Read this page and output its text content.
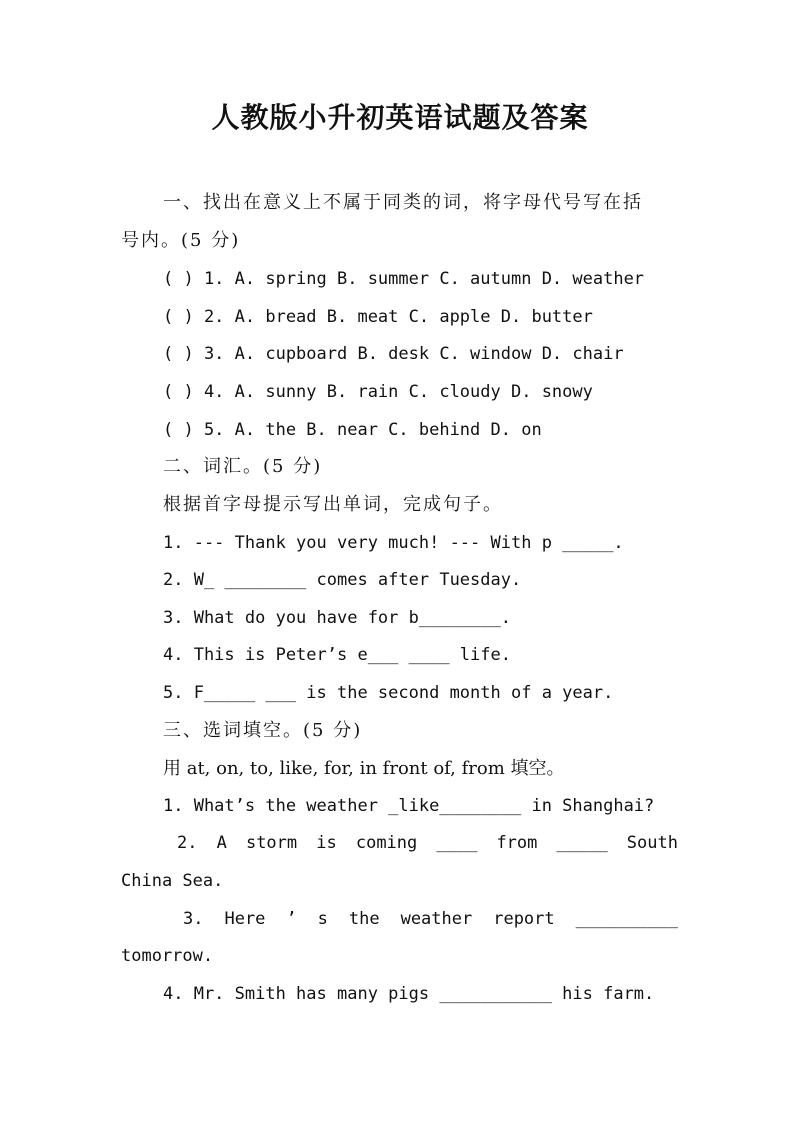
人教版小升初英语试题及答案
一、找出在意义上不属于同类的词，将字母代号写在括
号内。(5 分)
( ) 1. A. spring B. summer C. autumn D. weather
( ) 2. A. bread B. meat C. apple D. butter
( ) 3. A. cupboard B. desk C. window D. chair
( ) 4. A. sunny B. rain C. cloudy D. snowy
( ) 5. A. the B. near C. behind D. on
二、词汇。(5 分)
根据首字母提示写出单词，完成句子。
1. --- Thank you very much! --- With p _____.
2. W_ ________ comes after Tuesday.
3. What do you have for b________.
4. This is Peter’s e___ ____ life.
5. F_____ ___ is the second month of a year.
三、选词填空。(5 分)
用 at, on, to, like, for, in front of, from 填空。
1. What’s the weather _like________ in Shanghai?
2. A storm is coming ____ from _____ South
China Sea.
3. Here ’ s the weather report __________
tomorrow.
4. Mr. Smith has many pigs ___________ his farm.
